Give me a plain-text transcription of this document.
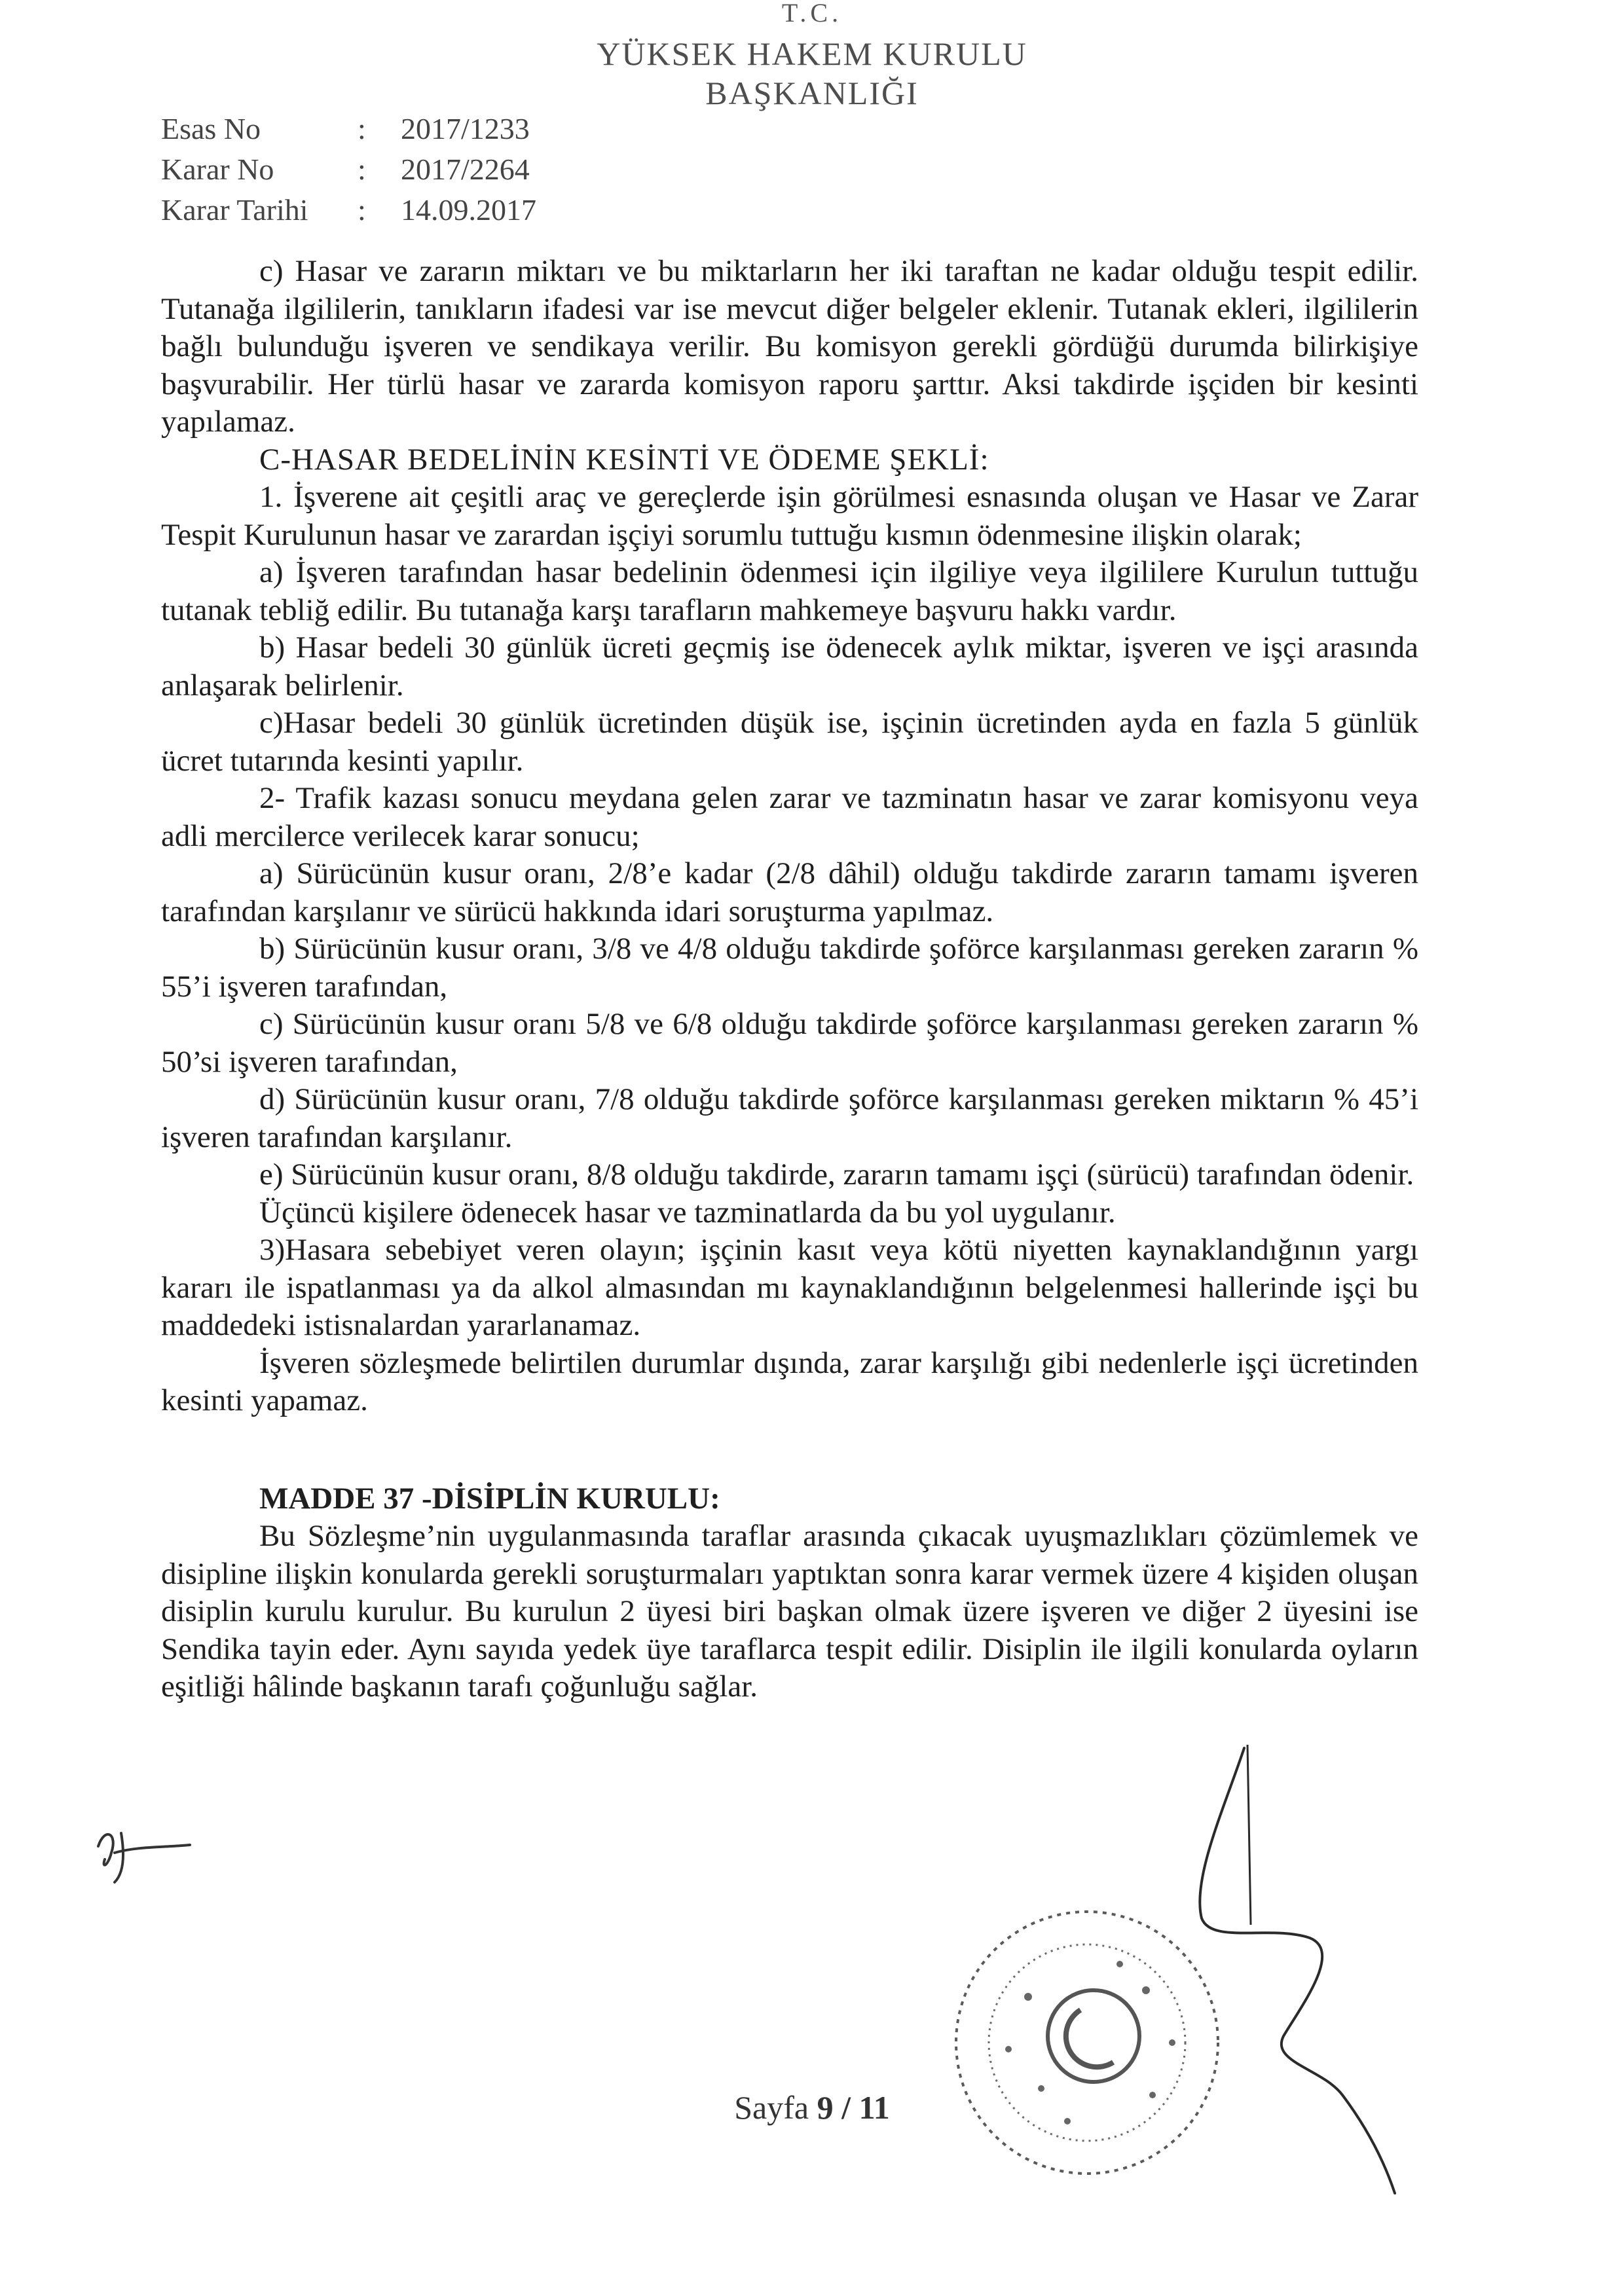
T.C.
YÜKSEK HAKEM KURULU
BAŞKANLIĞI
Esas No	: 2017/1233
Karar No	: 2017/2264
Karar Tarihi : 14.09.2017

c) Hasar ve zararın miktarı ve bu miktarların her iki taraftan ne kadar olduğu tespit edilir. Tutanağa ilgililerin, tanıkların ifadesi var ise mevcut diğer belgeler eklenir. Tutanak ekleri, ilgililerin bağlı bulunduğu işveren ve sendikaya verilir. Bu komisyon gerekli gördüğü durumda bilirkişiye başvurabilir. Her türlü hasar ve zararda komisyon raporu şarttır. Aksi takdirde işçiden bir kesinti yapılamaz.

C-HASAR BEDELİNİN KESİNTİ VE ÖDEME ŞEKLİ:

1. İşverene ait çeşitli araç ve gereçlerde işin görülmesi esnasında oluşan ve Hasar ve Zarar Tespit Kurulunun hasar ve zarardan işçiyi sorumlu tuttuğu kısmın ödenmesine ilişkin olarak;

a) İşveren tarafından hasar bedelinin ödenmesi için ilgiliye veya ilgililere Kurulun tuttuğu tutanak tebliğ edilir. Bu tutanağa karşı tarafların mahkemeye başvuru hakkı vardır.

b) Hasar bedeli 30 günlük ücreti geçmiş ise ödenecek aylık miktar, işveren ve işçi arasında anlaşarak belirlenir.

c)Hasar bedeli 30 günlük ücretinden düşük ise, işçinin ücretinden ayda en fazla 5 günlük ücret tutarında kesinti yapılır.

2- Trafik kazası sonucu meydana gelen zarar ve tazminatın hasar ve zarar komisyonu veya adli mercilerce verilecek karar sonucu;

a) Sürücünün kusur oranı, 2/8’e kadar (2/8 dâhil) olduğu takdirde zararın tamamı işveren tarafından karşılanır ve sürücü hakkında idari soruşturma yapılmaz.

b) Sürücünün kusur oranı, 3/8 ve 4/8 olduğu takdirde şoförce karşılanması gereken zararın % 55’i işveren tarafından,

c) Sürücünün kusur oranı 5/8 ve 6/8 olduğu takdirde şoförce karşılanması gereken zararın % 50’si işveren tarafından,

d) Sürücünün kusur oranı, 7/8 olduğu takdirde şoförce karşılanması gereken miktarın % 45’i işveren tarafından karşılanır.

e) Sürücünün kusur oranı, 8/8 olduğu takdirde, zararın tamamı işçi (sürücü) tarafından ödenir.

Üçüncü kişilere ödenecek hasar ve tazminatlarda da bu yol uygulanır.

3)Hasara sebebiyet veren olayın; işçinin kasıt veya kötü niyetten kaynaklandığının yargı kararı ile ispatlanması ya da alkol almasından mı kaynaklandığının belgelenmesi hallerinde işçi bu maddedeki istisnalardan yararlanamaz.

İşveren sözleşmede belirtilen durumlar dışında, zarar karşılığı gibi nedenlerle işçi ücretinden kesinti yapamaz.

MADDE 37 -DİSİPLİN KURULU:

Bu Sözleşme’nin uygulanmasında taraflar arasında çıkacak uyuşmazlıkları çözümlemek ve disipline ilişkin konularda gerekli soruşturmaları yaptıktan sonra karar vermek üzere 4 kişiden oluşan disiplin kurulu kurulur. Bu kurulun 2 üyesi biri başkan olmak üzere işveren ve diğer 2 üyesini ise Sendika tayin eder. Aynı sayıda yedek üye taraflarca tespit edilir. Disiplin ile ilgili konularda oyların eşitliği hâlinde başkanın tarafı çoğunluğu sağlar.

Sayfa 9 / 11
